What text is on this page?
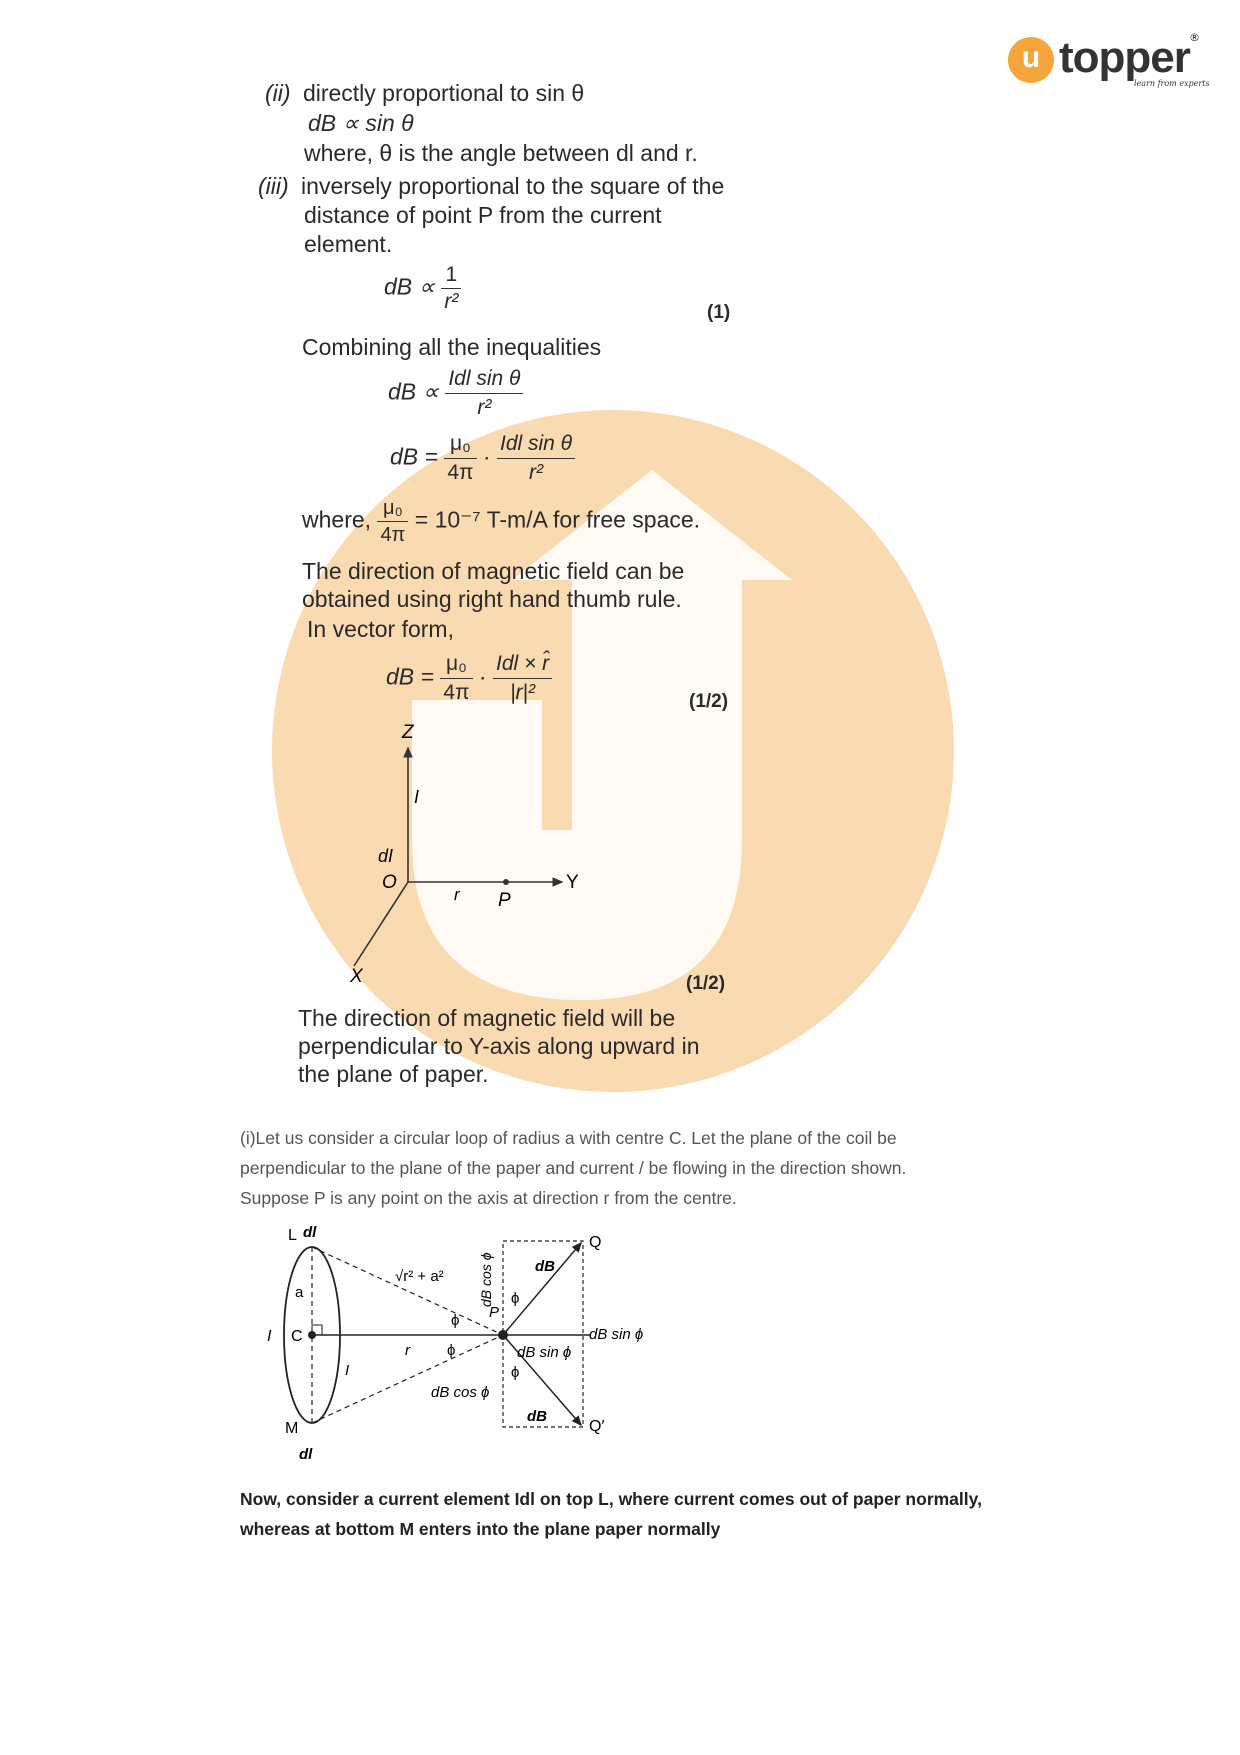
u topper ®
learn from experts
(ii) directly proportional to sin θ
dB ∝ sin θ
where, θ is the angle between dl and r.
(iii) inversely proportional to the square of the
distance of point P from the current
element.
dB ∝ $\frac{1}{\text{r²}}$	(1)
Combining all the inequalities
dB ∝ $\frac{\text{Idl sin θ}}{\text{r²}}$
dB = $\frac{\text{μ₀}}{4\pi} \cdot \frac{\text{Idl sin θ}}{\text{r²}}$
where, $\frac{\text{μ₀}}{4\pi} = 10^{-7}$ T-m/A for free space.
The direction of magnetic field can be
obtained using right hand thumb rule.
In vector form,
dB = $\frac{\text{μ₀}}{4\pi} \cdot \frac{\text{Idl × r̂}}{\text{|r|²}}$	(1/2)
Z
I
dI
O	Y
r P
X	(1/2)
The direction of magnetic field will be
perpendicular to Y-axis along upward in
the plane of paper.
(i)Let us consider a circular loop of radius a with centre C. Let the plane of the coil be
perpendicular to the plane of the paper and current / be flowing in the direction shown.
Suppose P is any point on the axis at direction r from the centre.
L dl
a
I C
M
dl
√r² + a²
r
I
ϕ
ϕ
P
dB cos ϕ ϕ
dB
Q
dB sin ϕ
dB sin ϕ
ϕ
dB cos ϕ
dB
Q′
Now, consider a current element Idl on top L, where current comes out of paper normally,
whereas at bottom M enters into the plane paper normally
